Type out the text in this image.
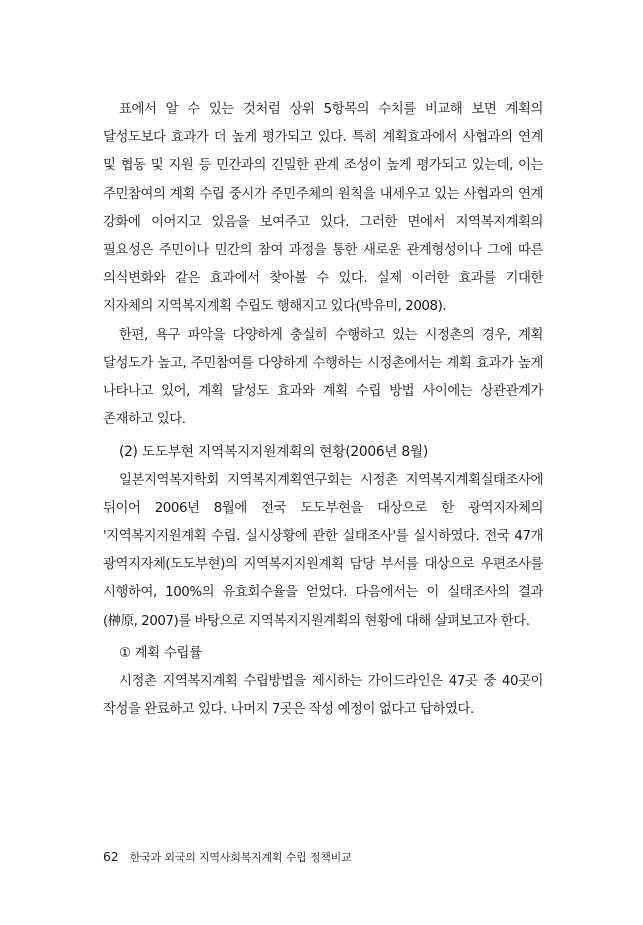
표에서 알 수 있는 것처럼 상위 5항목의 수치를 비교해 보면 계획의 달성도보다 효과가 더 높게 평가되고 있다. 특히 계획효과에서 사협과의 연계 및 협동 및 지원 등 민간과의 긴밀한 관계 조성이 높게 평가되고 있는데, 이는 주민참여의 계획 수립 중시가 주민주체의 원칙을 내세우고 있는 사협과의 연계 강화에 이어지고 있음을 보여주고 있다. 그러한 면에서 지역복지계획의 필요성은 주민이나 민간의 참여 과정을 통한 새로운 관계형성이나 그에 따른 의식변화와 같은 효과에서 찾아볼 수 있다. 실제 이러한 효과를 기대한 지자체의 지역복지계획 수립도 행해지고 있다(박유미, 2008).

한편, 욕구 파악을 다양하게 충실히 수행하고 있는 시정촌의 경우, 계획 달성도가 높고, 주민참여를 다양하게 수행하는 시정촌에서는 계획 효과가 높게 나타나고 있어, 계획 달성도 효과와 계획 수립 방법 사이에는 상관관계가 존재하고 있다.

(2) 도도부현 지역복지지원계획의 현황(2006년 8월)

일본지역복지학회 지역복지계획연구회는 시정촌 지역복지계획실태조사에 뒤이어 2006년 8월에 전국 도도부현을 대상으로 한 광역지자체의 '지역복지지원계획 수립. 실시상황에 관한 실태조사'를 실시하였다. 전국 47개 광역지자체(도도부현)의 지역복지지원계획 담당 부서를 대상으로 우편조사를 시행하여, 100%의 유효회수율을 얻었다. 다음에서는 이 실태조사의 결과(榊原, 2007)를 바탕으로 지역복지지원계획의 현황에 대해 살펴보고자 한다.

① 계획 수립률

시정촌 지역복지계획 수립방법을 제시하는 가이드라인은 47곳 중 40곳이 작성을 완료하고 있다. 나머지 7곳은 작성 예정이 없다고 답하였다.

62 한국과 외국의 지역사회복지계획 수립 정책비교
